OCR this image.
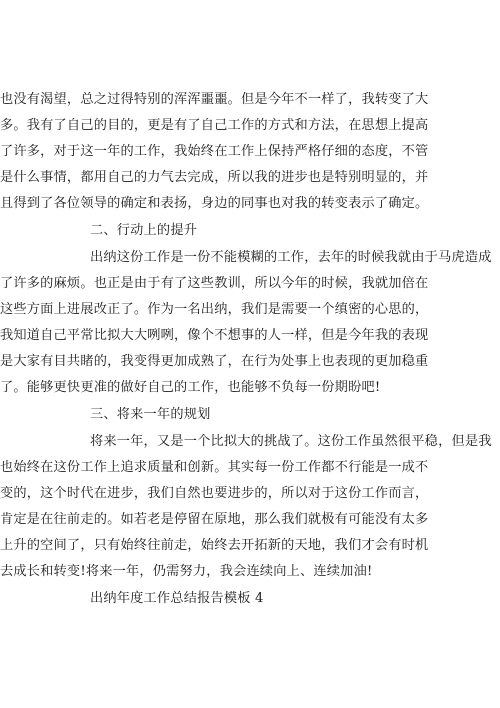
也没有渴望，总之过得特别的浑浑噩噩。但是今年不一样了，我转变了大
多。我有了自己的目的，更是有了自己工作的方式和方法，在思想上提高
了许多，对于这一年的工作，我始终在工作上保持严格仔细的态度，不管
是什么事情，都用自己的力气去完成，所以我的进步也是特别明显的，并
且得到了各位领导的确定和表扬，身边的同事也对我的转变表示了确定。
二、行动上的提升
出纳这份工作是一份不能模糊的工作，去年的时候我就由于马虎造成
了许多的麻烦。也正是由于有了这些教训，所以今年的时候，我就加倍在
这些方面上进展改正了。作为一名出纳，我们是需要一个缜密的心思的，
我知道自己平常比拟大大咧咧，像个不想事的人一样，但是今年我的表现
是大家有目共睹的，我变得更加成熟了，在行为处事上也表现的更加稳重
了。能够更快更准的做好自己的工作，也能够不负每一份期盼吧!
三、将来一年的规划
将来一年，又是一个比拟大的挑战了。这份工作虽然很平稳，但是我
也始终在这份工作上追求质量和创新。其实每一份工作都不行能是一成不
变的，这个时代在进步，我们自然也要进步的，所以对于这份工作而言，
肯定是在往前走的。如若老是停留在原地，那么我们就极有可能没有太多
上升的空间了，只有始终往前走，始终去开拓新的天地，我们才会有时机
去成长和转变!将来一年，仍需努力，我会连续向上、连续加油!
出纳年度工作总结报告模板 4
